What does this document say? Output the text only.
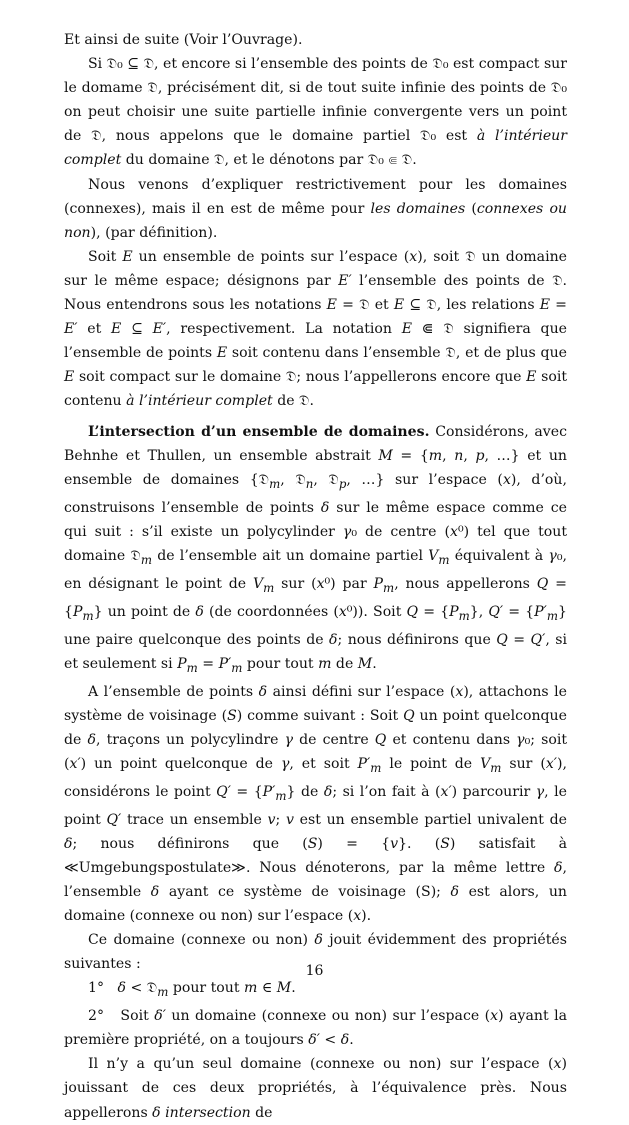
Et ainsi de suite (Voir l’Ouvrage).

Si 𝔇₀ ⊆ 𝔇, et encore si l’ensemble des points de 𝔇₀ est compact sur le domame 𝔇, précisément dit, si de tout suite infinie des points de 𝔇₀ on peut choisir une suite partielle infinie convergente vers un point de 𝔇, nous appelons que le domaine partiel 𝔇₀ est à l’intérieur complet du domaine 𝔇, et le dénotons par 𝔇₀ ⋐ 𝔇.

Nous venons d’expliquer restrictivement pour les domaines (connexes), mais il en est de même pour les domaines (connexes ou non), (par définition).

Soit E un ensemble de points sur l’espace (x), soit 𝔇 un domaine sur le même espace; désignons par E′ l’ensemble des points de 𝔇. Nous entendrons sous les notations E = 𝔇 et E ⊆ 𝔇, les relations E = E′ et E ⊆ E′, respectivement. La notation E ⋐ 𝔇 signifiera que l’ensemble de points E soit contenu dans l’ensemble 𝔇, et de plus que E soit compact sur le domaine 𝔇; nous l’appellerons encore que E soit contenu à l’intérieur complet de 𝔇.

L’intersection d’un ensemble de domaines. Considérons, avec Behnhe et Thullen, un ensemble abstrait M = {m, n, p, …} et un ensemble de domaines {𝔇$_m$, 𝔇$_n$, 𝔇$_p$, …} sur l’espace (x), d’où, construisons l’ensemble de points δ sur le même espace comme ce qui suit : s’il existe un polycylinder γ₀ de centre (x⁰) tel que tout domaine 𝔇$_m$ de l’ensemble ait un domaine partiel $V_m$ équivalent à γ₀, en désignant le point de $V_m$ sur (x⁰) par $P_m$, nous appellerons $Q = \{P_m\}$ un point de δ (de coordonnées (x⁰)). Soit $Q = \{P_m\}$, $Q' = \{P'_m\}$ une paire quelconque des points de δ; nous définirons que Q = Q′, si et seulement si $P_m = P'_m$ pour tout m de M.

A l’ensemble de points δ ainsi défini sur l’espace (x), attachons le système de voisinage (S) comme suivant : Soit Q un point quelconque de δ, traçons un polycylindre γ de centre Q et contenu dans γ₀; soit (x′) un point quelconque de γ, et soit $P'_m$ le point de $V_m$ sur (x′), considérons le point $Q' = \{P'_m\}$ de δ; si l’on fait à (x′) parcourir γ, le point Q′ trace un ensemble v; v est un ensemble partiel univalent de δ; nous définirons que (S) = {v}. (S) satisfait à ≪Umgebungspostulate≫. Nous dénoterons, par la même lettre δ, l’ensemble δ ayant ce système de voisinage (S); δ est alors, un domaine (connexe ou non) sur l’espace (x).

Ce domaine (connexe ou non) δ jouit évidemment des propriétés suivantes :

1°   δ < 𝔇$_m$ pour tout m ∈ M.

2°   Soit δ′ un domaine (connexe ou non) sur l’espace (x) ayant la première propriété, on a toujours δ′ < δ.

Il n’y a qu’un seul domaine (connexe ou non) sur l’espace (x) jouissant de ces deux propriétés, à l’équivalence près. Nous appellerons δ intersection de

16
